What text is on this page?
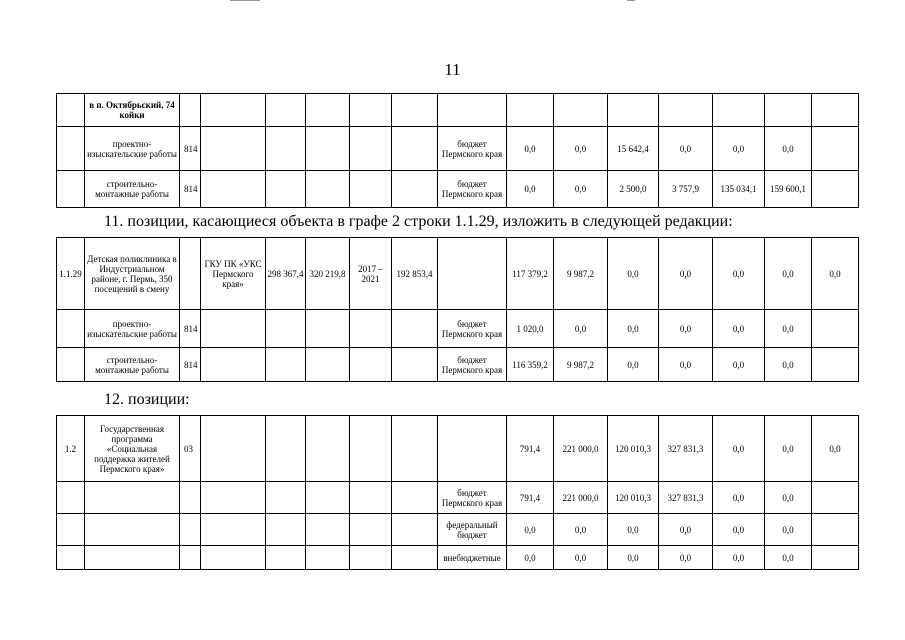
11
	в п. Октябрьский, 74 койки														
	проектно-изыскательские работы	814						бюджет Пермского края	0,0	0,0	15 642,4	0,0	0,0	0,0	
	строительно-монтажные работы	814						бюджет Пермского края	0,0	0,0	2 500,0	3 757,9	135 034,1	159 600,1	
11. позиции, касающиеся объекта в графе 2 строки 1.1.29, изложить в следующей редакции:
1.1.29	Детская поликлиника в Индустриальном районе, г. Пермь, 350 посещений в смену		ГКУ ПК «УКС Пермского края»	298 367,4	320 219,8	2017 – 2021	192 853,4		117 379,2	9 987,2	0,0	0,0	0,0	0,0	0,0
	проектно-изыскательские работы	814						бюджет Пермского края	1 020,0	0,0	0,0	0,0	0,0	0,0	
	строительно-монтажные работы	814						бюджет Пермского края	116 359,2	9 987,2	0,0	0,0	0,0	0,0	
12. позиции:
1.2	Государственная программа «Социальная поддержка жителей Пермского края»	03							791,4	221 000,0	120 010,3	327 831,3	0,0	0,0	0,0
								бюджет Пермского края	791,4	221 000,0	120 010,3	327 831,3	0,0	0,0	
								федеральный бюджет	0,0	0,0	0,0	0,0	0,0	0,0	
								внебюджетные	0,0	0,0	0,0	0,0	0,0	0,0	
